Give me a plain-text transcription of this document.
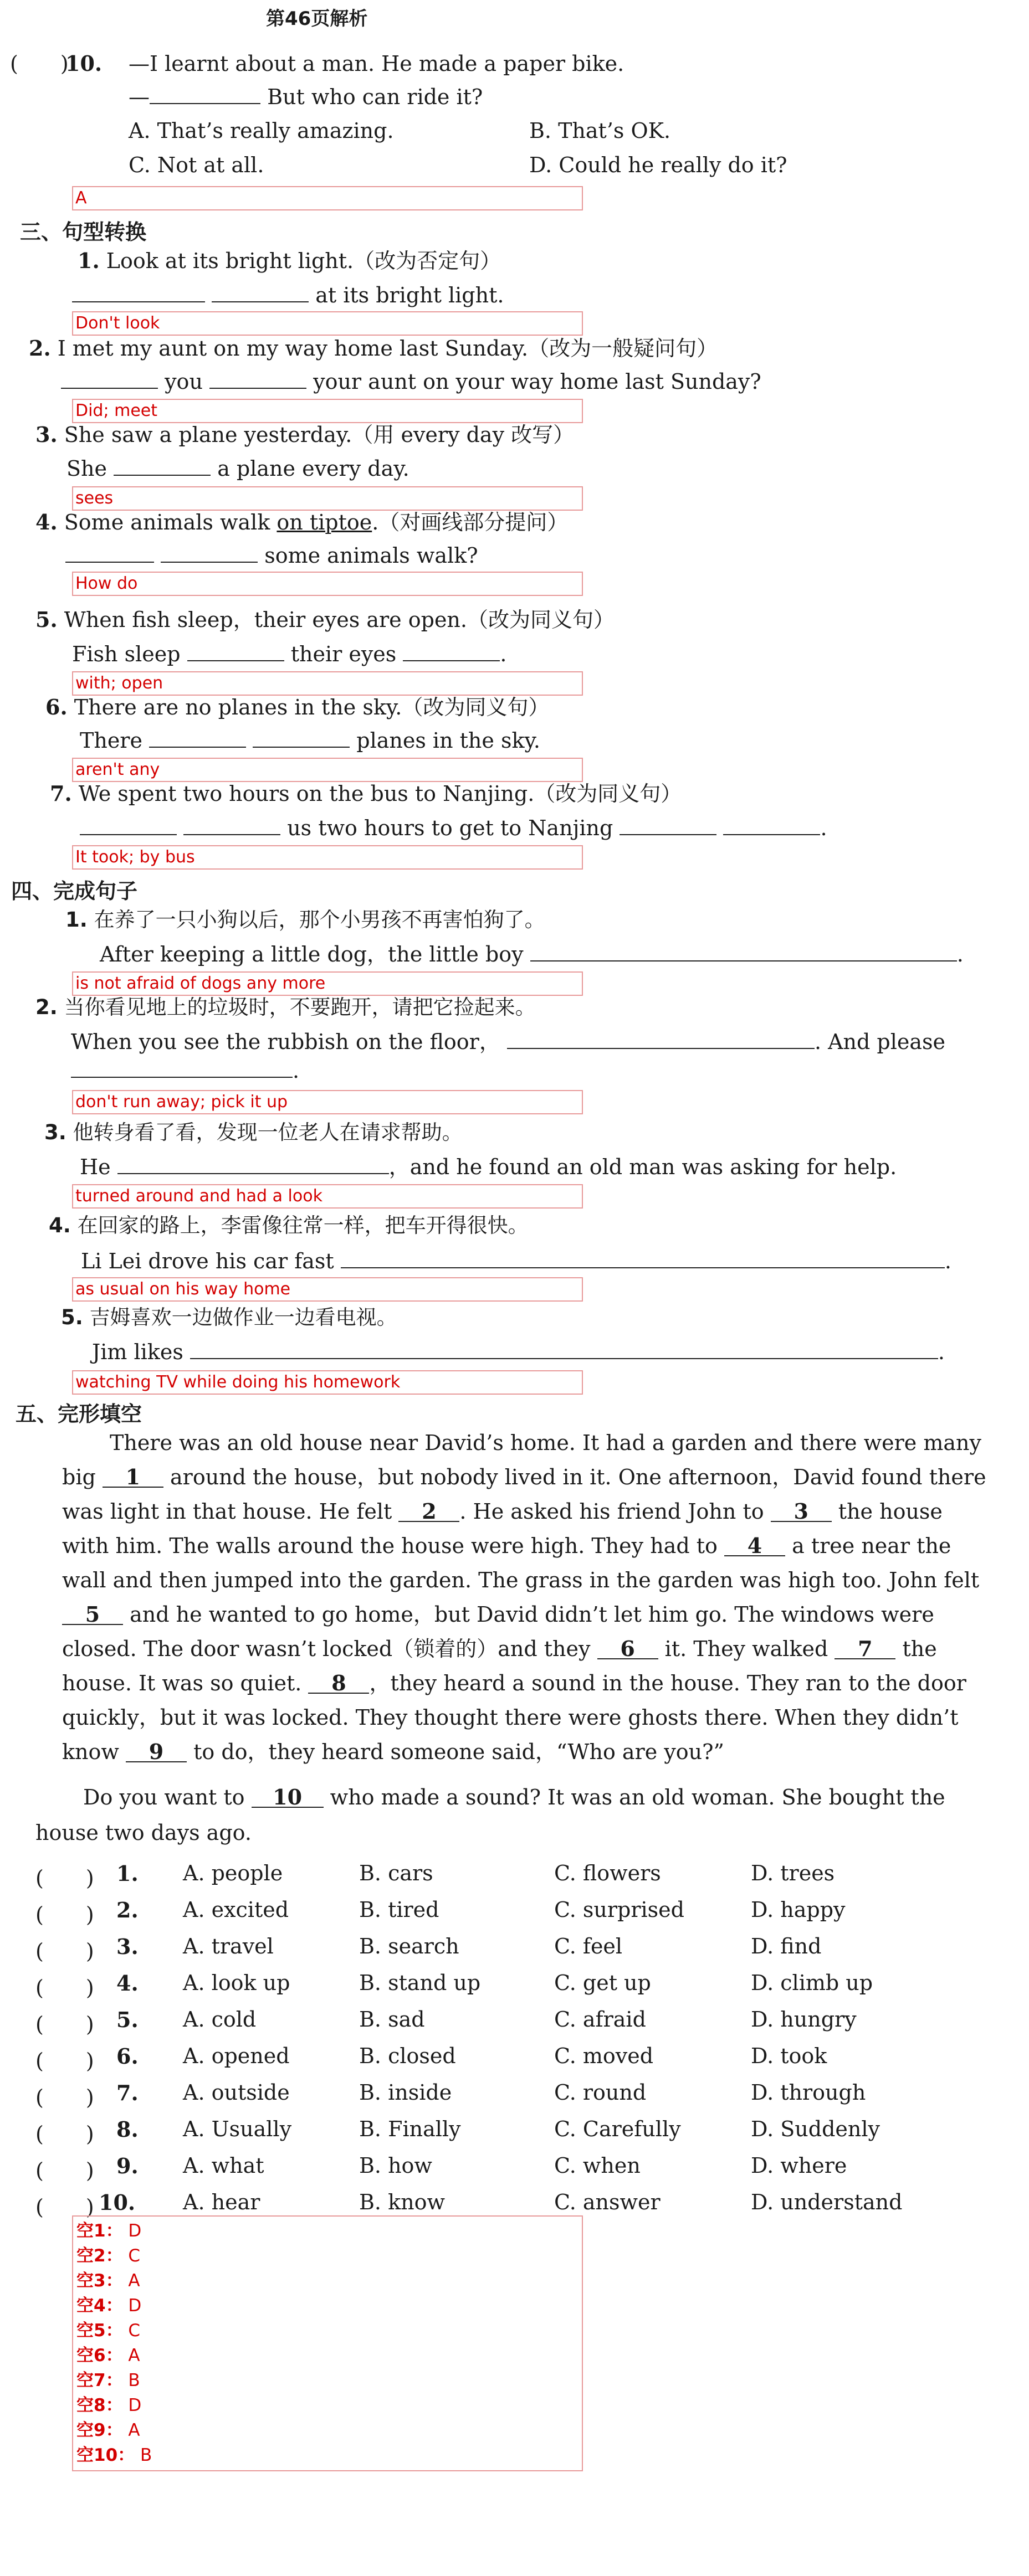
第46页解析
(　　)
10. —I learnt about a man. He made a paper bike.
—	But who can ride it?
A. That’s really amazing.	B. That’s OK.
C. Not at all.	D. Could he really do it?
A
三、句型转换
1. Look at its bright light.（改为否定句）
at its bright light.
Don't look
2. I met my aunt on my way home last Sunday.（改为一般疑问句）
you	your aunt on your way home last Sunday?
Did; meet
3. She saw a plane yesterday.（用 every day 改写）
She	a plane every day.
sees
4. Some animals walk on tiptoe.（对画线部分提问）
some animals walk?
How do
5. When fish sleep，their eyes are open.（改为同义句）
Fish sleep	their eyes	.
with; open
6. There are no planes in the sky.（改为同义句）
There	planes in the sky.
aren't any
7. We spent two hours on the bus to Nanjing.（改为同义句）
us two hours to get to Nanjing	.
It took; by bus
四、完成句子
1. 在养了一只小狗以后，那个小男孩不再害怕狗了。
After keeping a little dog，the little boy	.
is not afraid of dogs any more
2. 当你看见地上的垃圾时，不要跑开，请把它捡起来。
When you see the rubbish on the floor，	. And please
.
don't run away; pick it up
3. 他转身看了看，发现一位老人在请求帮助。
He	，and he found an old man was asking for help.
turned around and had a look
4. 在回家的路上，李雷像往常一样，把车开得很快。
Li Lei drove his car fast	.
as usual on his way home
5. 吉姆喜欢一边做作业一边看电视。
Jim likes	.
watching TV while doing his homework
五、完形填空
There was an old house near David’s home. It had a garden and there were many
big 1 around the house，but nobody lived in it. One afternoon，David found there
was light in that house. He felt 2 . He asked his friend John to 3 the house
with him. The walls around the house were high. They had to 4 a tree near the
wall and then jumped into the garden. The grass in the garden was high too. John felt
5 and he wanted to go home，but David didn’t let him go. The windows were
closed. The door wasn’t locked（锁着的）and they 6 it. They walked 7 the
house. It was so quiet. 8 ，they heard a sound in the house. They ran to the door
quickly，but it was locked. They thought there were ghosts there. When they didn’t
know 9 to do，they heard someone said，“Who are you?”
Do you want to 10 who made a sound? It was an old woman. She bought the
house two days ago.
(　　) 1. A. people	B. cars	C. flowers	D. trees
(　　) 2. A. excited	B. tired	C. surprised	D. happy
(　　) 3. A. travel	B. search	C. feel	D. find
(　　) 4. A. look up	B. stand up	C. get up	D. climb up
(　　) 5. A. cold	B. sad	C. afraid	D. hungry
(　　) 6. A. opened	B. closed	C. moved	D. took
(　　) 7. A. outside	B. inside	C. round	D. through
(　　) 8. A. Usually	B. Finally	C. Carefully	D. Suddenly
(　　) 9. A. what	B. how	C. when	D. where
(　　) 10. A. hear	B. know	C. answer	D. understand
空1： D
空2： C
空3： A
空4： D
空5： C
空6： A
空7： B
空8： D
空9： A
空10： B
